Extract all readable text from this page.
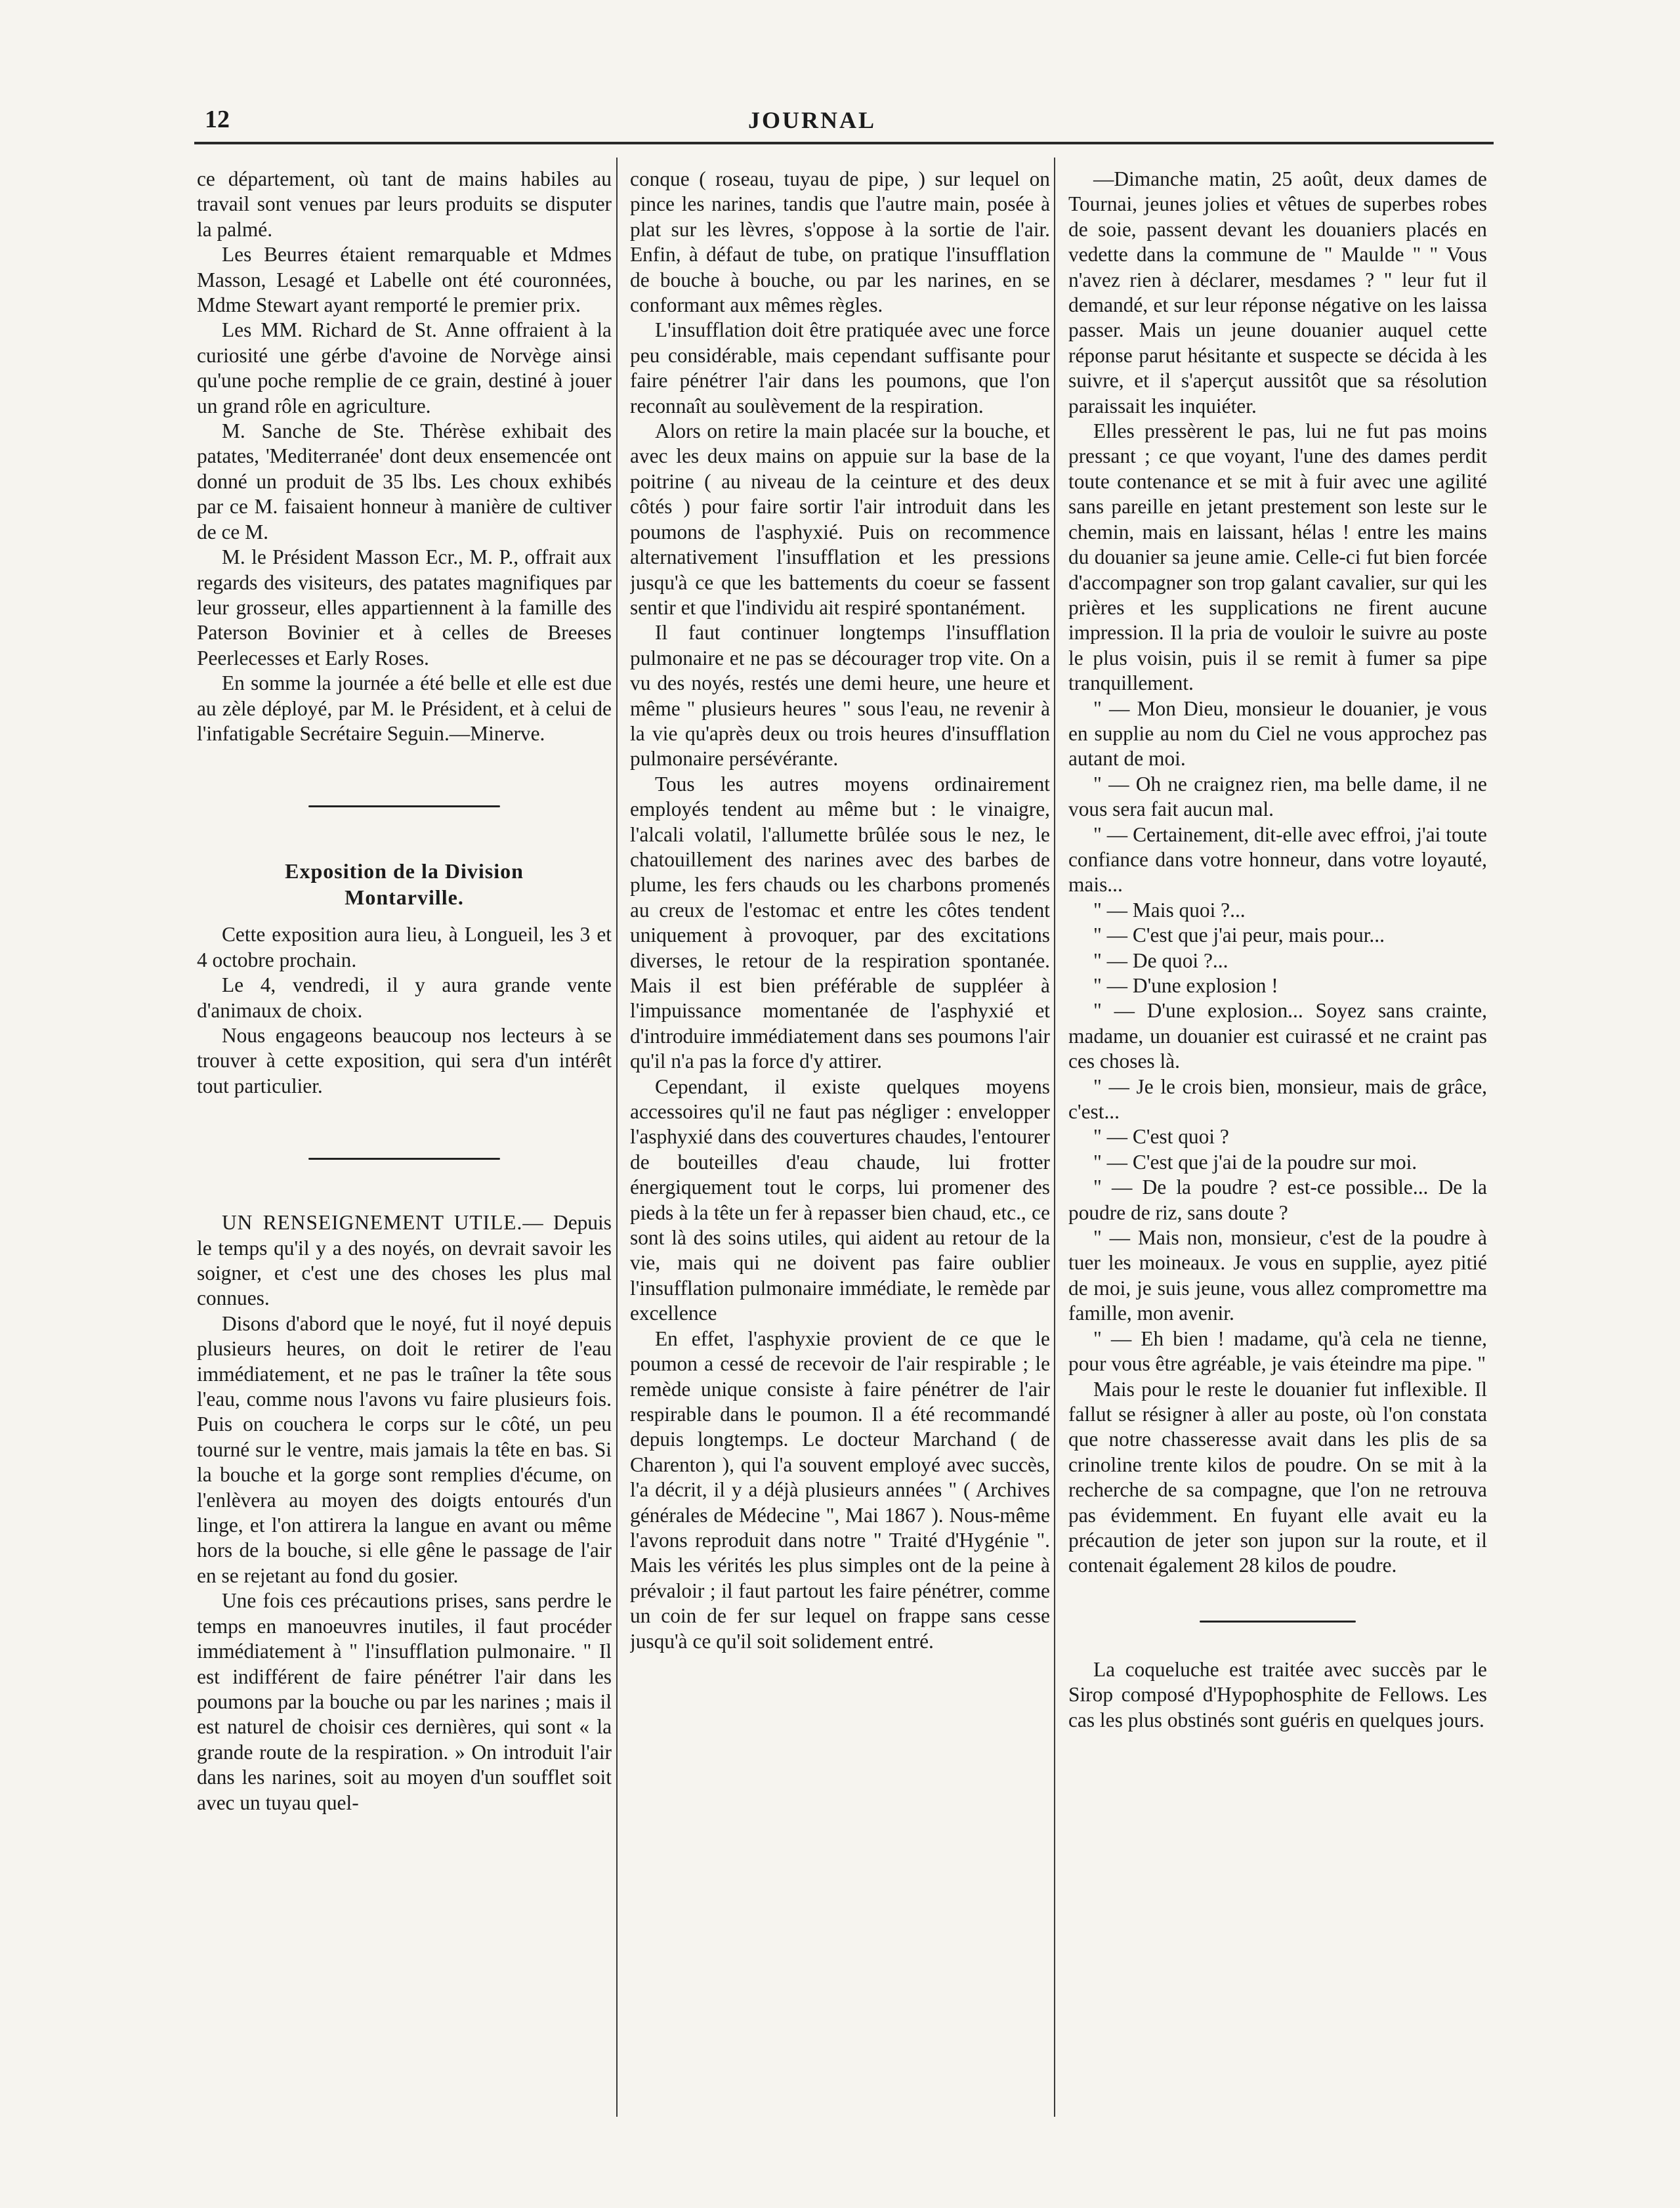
12	JOURNAL

ce département, où tant de mains habiles au travail sont venues par leurs produits se disputer la palmé.

Les Beurres étaient remarquable et Mdmes Masson, Lesagé et Labelle ont été couronnées, Mdme Stewart ayant remporté le premier prix.

Les MM. Richard de St. Anne offraient à la curiosité une gérbe d'avoine de Norvège ainsi qu'une poche remplie de ce grain, destiné à jouer un grand rôle en agriculture.

M. Sanche de Ste. Thérèse exhibait des patates, 'Mediterranée' dont deux ensemencée ont donné un produit de 35 lbs. Les choux exhibés par ce M. faisaient honneur à manière de cultiver de ce M.

M. le Président Masson Ecr., M. P., offrait aux regards des visiteurs, des patates magnifiques par leur grosseur, elles appartiennent à la famille des Paterson Bovinier et à celles de Breeses Peerlecesses et Early Roses.

En somme la journée a été belle et elle est due au zèle déployé, par M. le Président, et à celui de l'infatigable Secrétaire Seguin.—Minerve.

Exposition de la Division
Montarville.

Cette exposition aura lieu, à Longueil, les 3 et 4 octobre prochain.

Le 4, vendredi, il y aura grande vente d'animaux de choix.

Nous engageons beaucoup nos lecteurs à se trouver à cette exposition, qui sera d'un intérêt tout particulier.

UN RENSEIGNEMENT UTILE.— Depuis le temps qu'il y a des noyés, on devrait savoir les soigner, et c'est une des choses les plus mal connues.

Disons d'abord que le noyé, fut il noyé depuis plusieurs heures, on doit le retirer de l'eau immédiatement, et ne pas le traîner la tête sous l'eau, comme nous l'avons vu faire plusieurs fois. Puis on couchera le corps sur le côté, un peu tourné sur le ventre, mais jamais la tête en bas. Si la bouche et la gorge sont remplies d'écume, on l'enlèvera au moyen des doigts entourés d'un linge, et l'on attirera la langue en avant ou même hors de la bouche, si elle gêne le passage de l'air en se rejetant au fond du gosier.

Une fois ces précautions prises, sans perdre le temps en manoeuvres inutiles, il faut procéder immédiatement à " l'insufflation pulmonaire. " Il est indifférent de faire pénétrer l'air dans les poumons par la bouche ou par les narines ; mais il est naturel de choisir ces dernières, qui sont « la grande route de la respiration. » On introduit l'air dans les narines, soit au moyen d'un soufflet soit avec un tuyau quel-

conque ( roseau, tuyau de pipe, ) sur lequel on pince les narines, tandis que l'autre main, posée à plat sur les lèvres, s'oppose à la sortie de l'air. Enfin, à défaut de tube, on pratique l'insufflation de bouche à bouche, ou par les narines, en se conformant aux mêmes règles.

L'insufflation doit être pratiquée avec une force peu considérable, mais cependant suffisante pour faire pénétrer l'air dans les poumons, que l'on reconnaît au soulèvement de la respiration.

Alors on retire la main placée sur la bouche, et avec les deux mains on appuie sur la base de la poitrine ( au niveau de la ceinture et des deux côtés ) pour faire sortir l'air introduit dans les poumons de l'asphyxié. Puis on recommence alternativement l'insufflation et les pressions jusqu'à ce que les battements du coeur se fassent sentir et que l'individu ait respiré spontanément.

Il faut continuer longtemps l'insufflation pulmonaire et ne pas se décourager trop vite. On a vu des noyés, restés une demi heure, une heure et même " plusieurs heures " sous l'eau, ne revenir à la vie qu'après deux ou trois heures d'insufflation pulmonaire persévérante.

Tous les autres moyens ordinairement employés tendent au même but : le vinaigre, l'alcali volatil, l'allumette brûlée sous le nez, le chatouillement des narines avec des barbes de plume, les fers chauds ou les charbons promenés au creux de l'estomac et entre les côtes tendent uniquement à provoquer, par des excitations diverses, le retour de la respiration spontanée. Mais il est bien préférable de suppléer à l'impuissance momentanée de l'asphyxié et d'introduire immédiatement dans ses poumons l'air qu'il n'a pas la force d'y attirer.

Cependant, il existe quelques moyens accessoires qu'il ne faut pas négliger : envelopper l'asphyxié dans des couvertures chaudes, l'entourer de bouteilles d'eau chaude, lui frotter énergiquement tout le corps, lui promener des pieds à la tête un fer à repasser bien chaud, etc., ce sont là des soins utiles, qui aident au retour de la vie, mais qui ne doivent pas faire oublier l'insufflation pulmonaire immédiate, le remède par excellence

En effet, l'asphyxie provient de ce que le poumon a cessé de recevoir de l'air respirable ; le remède unique consiste à faire pénétrer de l'air respirable dans le poumon. Il a été recommandé depuis longtemps. Le docteur Marchand ( de Charenton ), qui l'a souvent employé avec succès, l'a décrit, il y a déjà plusieurs années " ( Archives générales de Médecine ", Mai 1867 ). Nous-même l'avons reproduit dans notre " Traité d'Hygénie ". Mais les vérités les plus simples ont de la peine à prévaloir ; il faut partout les faire pénétrer, comme un coin de fer sur lequel on frappe sans cesse jusqu'à ce qu'il soit solidement entré.

—Dimanche matin, 25 août, deux dames de Tournai, jeunes jolies et vêtues de superbes robes de soie, passent devant les douaniers placés en vedette dans la commune de " Maulde " " Vous n'avez rien à déclarer, mesdames ? " leur fut il demandé, et sur leur réponse négative on les laissa passer. Mais un jeune douanier auquel cette réponse parut hésitante et suspecte se décida à les suivre, et il s'aperçut aussitôt que sa résolution paraissait les inquiéter.

Elles pressèrent le pas, lui ne fut pas moins pressant ; ce que voyant, l'une des dames perdit toute contenance et se mit à fuir avec une agilité sans pareille en jetant prestement son leste sur le chemin, mais en laissant, hélas ! entre les mains du douanier sa jeune amie. Celle-ci fut bien forcée d'accompagner son trop galant cavalier, sur qui les prières et les supplications ne firent aucune impression. Il la pria de vouloir le suivre au poste le plus voisin, puis il se remit à fumer sa pipe tranquillement.

" — Mon Dieu, monsieur le douanier, je vous en supplie au nom du Ciel ne vous approchez pas autant de moi.

" — Oh ne craignez rien, ma belle dame, il ne vous sera fait aucun mal.

" — Certainement, dit-elle avec effroi, j'ai toute confiance dans votre honneur, dans votre loyauté, mais...

" — Mais quoi ?...

" — C'est que j'ai peur, mais pour...

" — De quoi ?...

" — D'une explosion !

" — D'une explosion... Soyez sans crainte, madame, un douanier est cuirassé et ne craint pas ces choses là.

" — Je le crois bien, monsieur, mais de grâce, c'est...

" — C'est quoi ?

" — C'est que j'ai de la poudre sur moi.

" — De la poudre ? est-ce possible... De la poudre de riz, sans doute ?

" — Mais non, monsieur, c'est de la poudre à tuer les moineaux. Je vous en supplie, ayez pitié de moi, je suis jeune, vous allez compromettre ma famille, mon avenir.

" — Eh bien ! madame, qu'à cela ne tienne, pour vous être agréable, je vais éteindre ma pipe. "

Mais pour le reste le douanier fut inflexible. Il fallut se résigner à aller au poste, où l'on constata que notre chasseresse avait dans les plis de sa crinoline trente kilos de poudre. On se mit à la recherche de sa compagne, que l'on ne retrouva pas évidemment. En fuyant elle avait eu la précaution de jeter son jupon sur la route, et il contenait également 28 kilos de poudre.

La coqueluche est traitée avec succès par le Sirop composé d'Hypophosphite de Fellows. Les cas les plus obstinés sont guéris en quelques jours.
